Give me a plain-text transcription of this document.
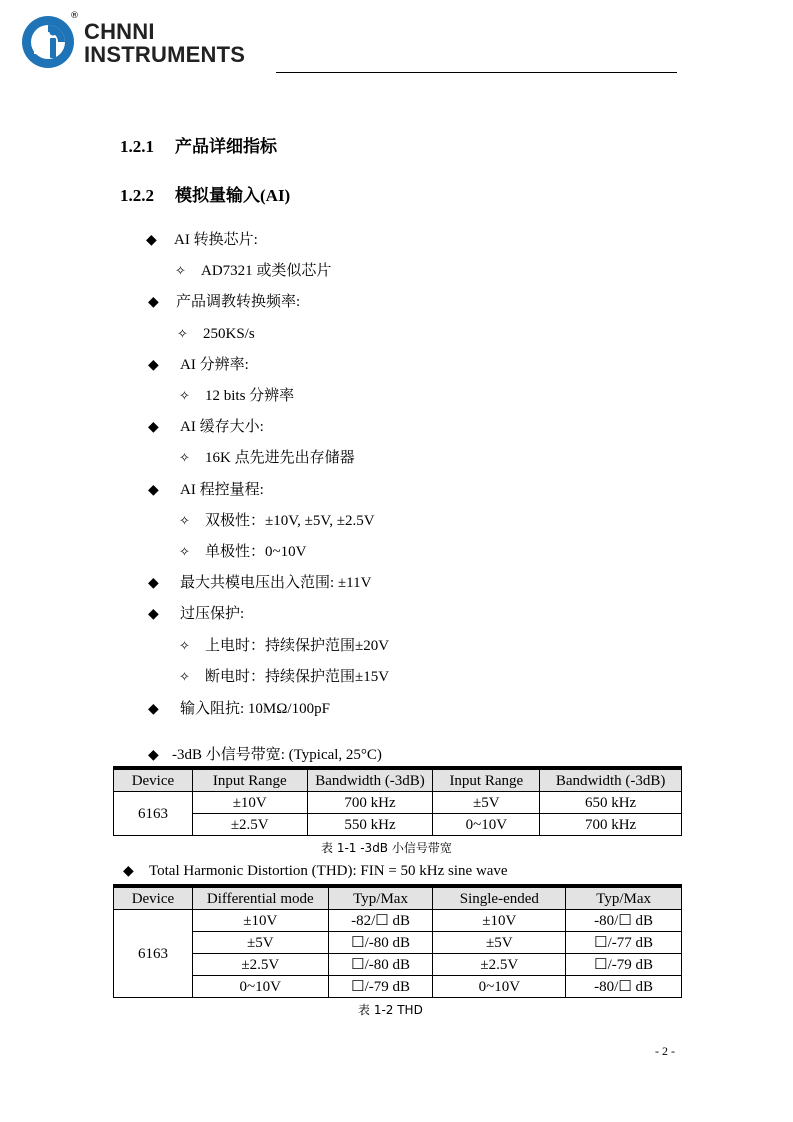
®
CHNNI
INSTRUMENTS
1.2.1 产品详细指标
1.2.2 模拟量输入(AI)
◆ AI 转换芯片:
✧ AD7321 或类似芯片
◆ 产品调教转换频率:
✧ 250KS/s
◆ AI 分辨率:
✧ 12 bits 分辨率
◆ AI 缓存大小:
✧ 16K 点先进先出存储器
◆ AI 程控量程:
✧ 双极性：±10V, ±5V, ±2.5V
✧ 单极性：0~10V
◆ 最大共模电压出入范围: ±11V
◆ 过压保护:
✧ 上电时：持续保护范围±20V
✧ 断电时：持续保护范围±15V
◆ 输入阻抗: 10MΩ/100pF
◆ -3dB 小信号带宽: (Typical, 25°C)
Device	Input Range	Bandwidth (-3dB)	Input Range	Bandwidth (-3dB)
6163	±10V	700 kHz	±5V	650 kHz
	±2.5V	550 kHz	0~10V	700 kHz
表 1-1 -3dB 小信号带宽
◆ Total Harmonic Distortion (THD): FIN = 50 kHz sine wave
Device	Differential mode	Typ/Max	Single-ended	Typ/Max
6163	±10V	-82/☐ dB	±10V	-80/☐ dB
	±5V	☐/-80 dB	±5V	☐/-77 dB
	±2.5V	☐/-80 dB	±2.5V	☐/-79 dB
	0~10V	☐/-79 dB	0~10V	-80/☐ dB
表 1-2 THD
- 2 -
